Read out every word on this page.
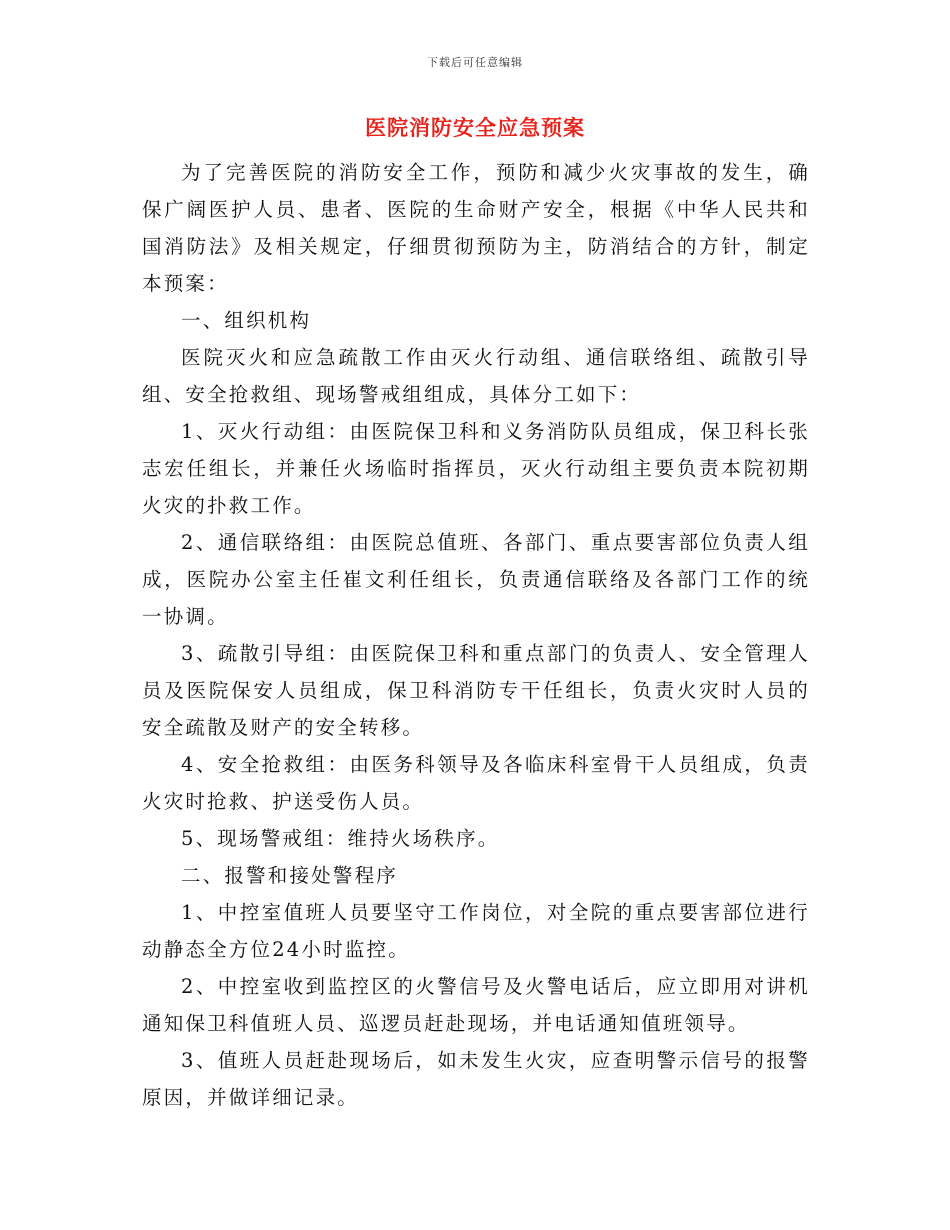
下载后可任意编辑
医院消防安全应急预案

为了完善医院的消防安全工作，预防和减少火灾事故的发生，确保广阔医护人员、患者、医院的生命财产安全，根据《中华人民共和国消防法》及相关规定，仔细贯彻预防为主，防消结合的方针，制定本预案：

一、组织机构

医院灭火和应急疏散工作由灭火行动组、通信联络组、疏散引导组、安全抢救组、现场警戒组组成，具体分工如下：

1、灭火行动组：由医院保卫科和义务消防队员组成，保卫科长张志宏任组长，并兼任火场临时指挥员，灭火行动组主要负责本院初期火灾的扑救工作。

2、通信联络组：由医院总值班、各部门、重点要害部位负责人组成，医院办公室主任崔文利任组长，负责通信联络及各部门工作的统一协调。

3、疏散引导组：由医院保卫科和重点部门的负责人、安全管理人员及医院保安人员组成，保卫科消防专干任组长，负责火灾时人员的安全疏散及财产的安全转移。

4、安全抢救组：由医务科领导及各临床科室骨干人员组成，负责火灾时抢救、护送受伤人员。

5、现场警戒组：维持火场秩序。

二、报警和接处警程序

1、中控室值班人员要坚守工作岗位，对全院的重点要害部位进行动静态全方位24小时监控。

2、中控室收到监控区的火警信号及火警电话后，应立即用对讲机通知保卫科值班人员、巡逻员赶赴现场，并电话通知值班领导。

3、值班人员赶赴现场后，如未发生火灾，应查明警示信号的报警原因，并做详细记录。
